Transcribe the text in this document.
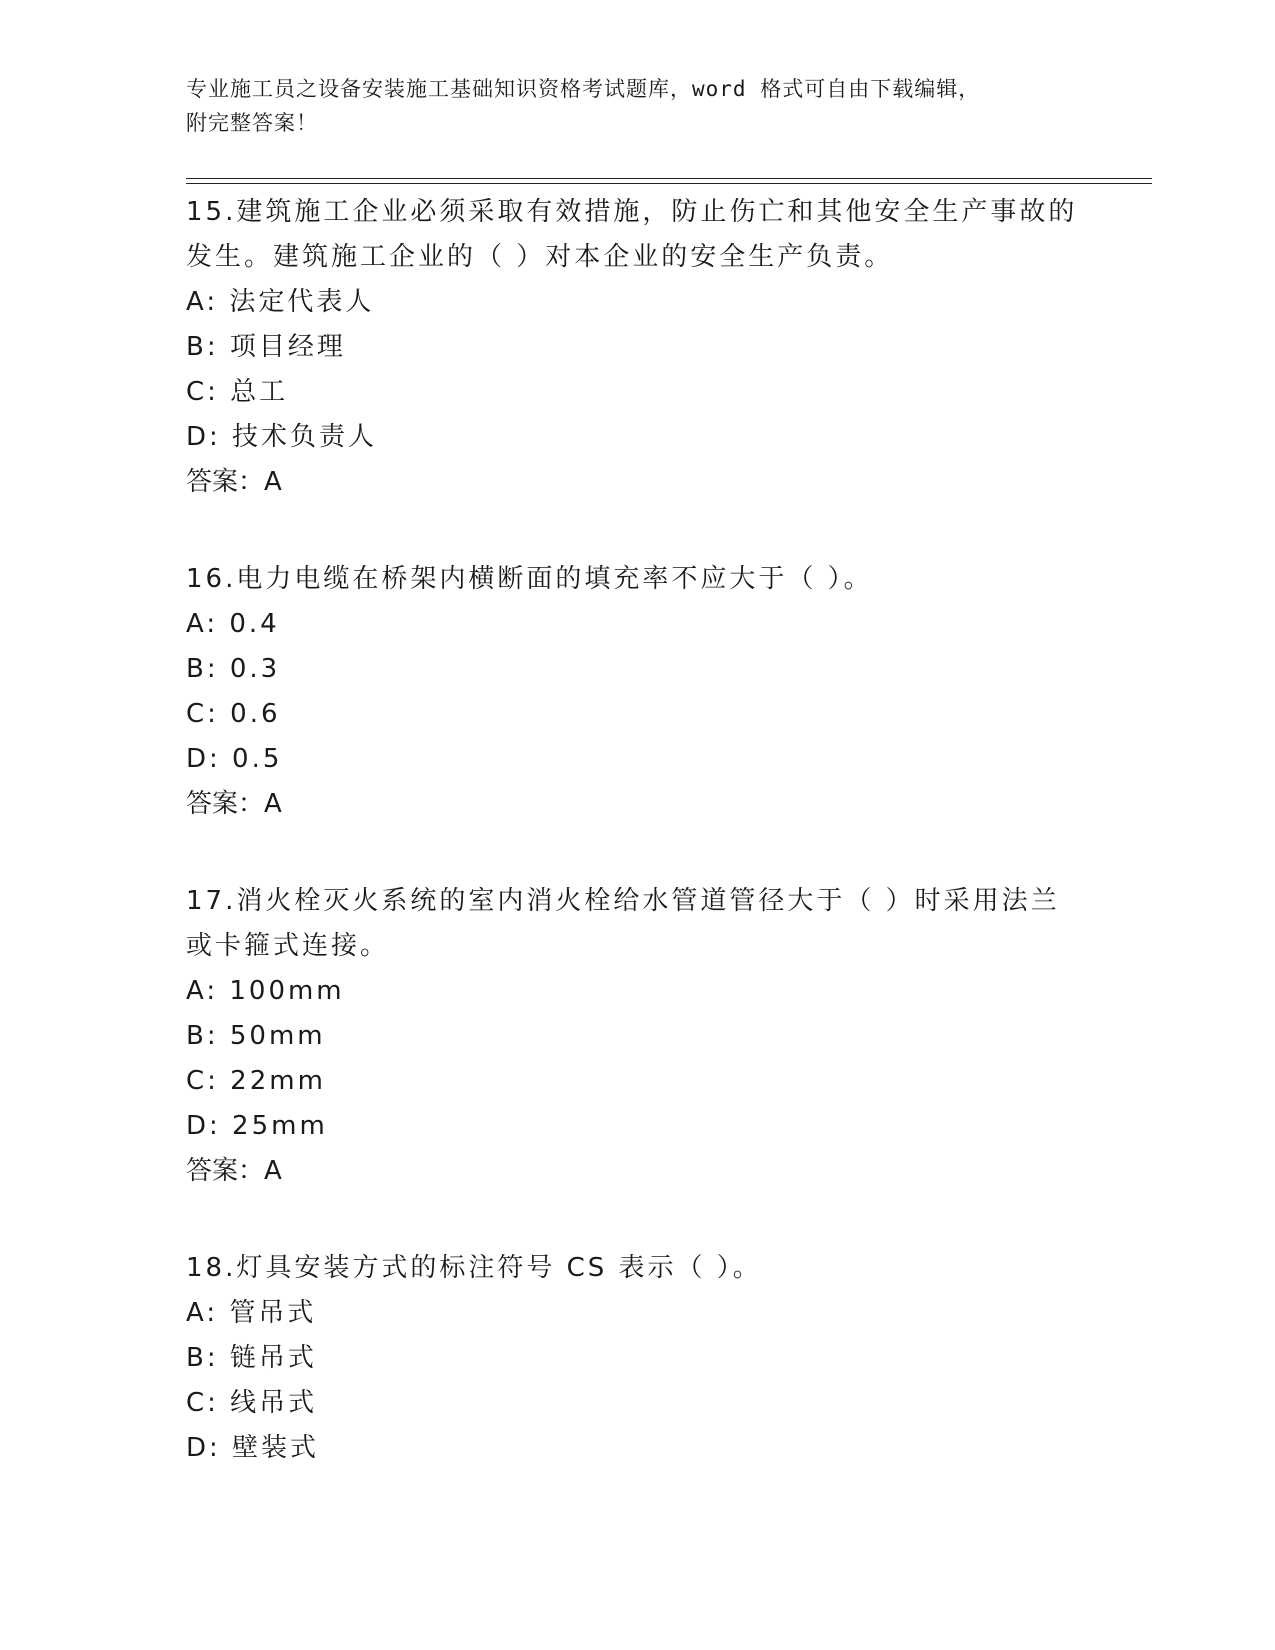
专业施工员之设备安装施工基础知识资格考试题库，word 格式可自由下载编辑，
附完整答案！
15.建筑施工企业必须采取有效措施，防止伤亡和其他安全生产事故的发生。建筑施工企业的（ ）对本企业的安全生产负责。
A: 法定代表人
B: 项目经理
C: 总工
D: 技术负责人
答案：A
16.电力电缆在桥架内横断面的填充率不应大于（ ）。
A: 0.4
B: 0.3
C: 0.6
D: 0.5
答案：A
17.消火栓灭火系统的室内消火栓给水管道管径大于（ ）时采用法兰或卡箍式连接。
A: 100mm
B: 50mm
C: 22mm
D: 25mm
答案：A
18.灯具安装方式的标注符号 CS 表示（ ）。
A: 管吊式
B: 链吊式
C: 线吊式
D: 壁装式
